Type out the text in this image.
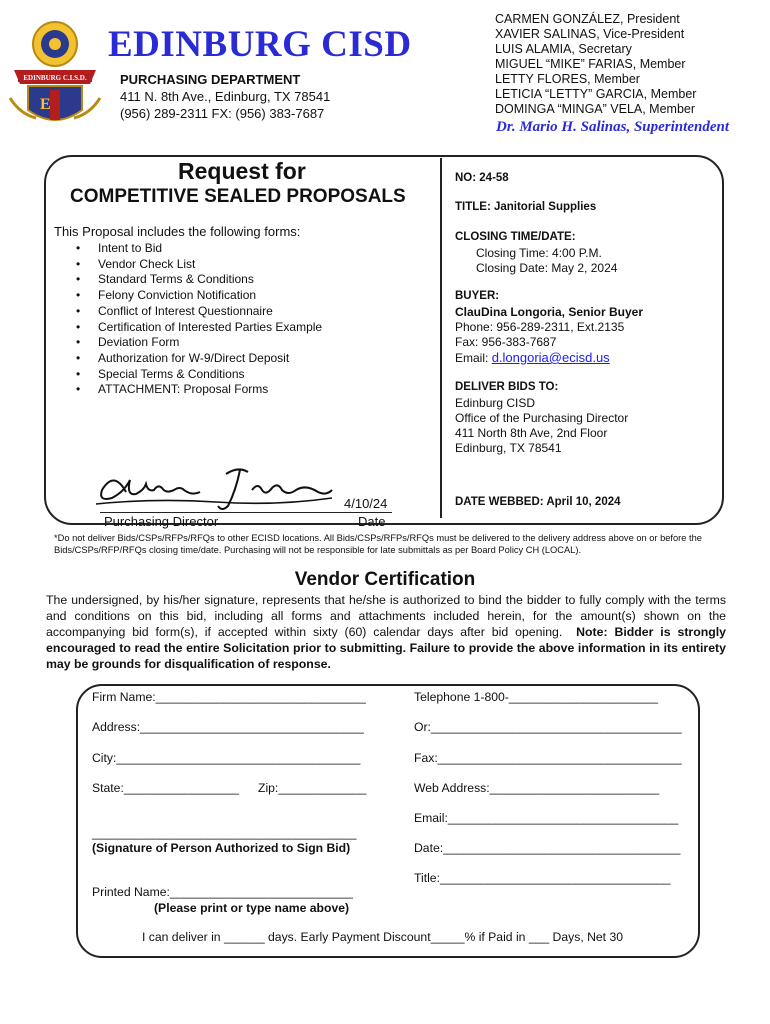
EDINBURG C.I.S.D.
E
EDINBURG CISD
PURCHASING DEPARTMENT
411 N. 8th Ave., Edinburg, TX 78541
(956) 289-2311 FX: (956) 383-7687
CARMEN GONZÁLEZ, President
XAVIER SALINAS, Vice-President
LUIS ALAMIA, Secretary
MIGUEL “MIKE” FARIAS, Member
LETTY FLORES, Member
LETICIA “LETTY” GARCIA, Member
DOMINGA “MINGA” VELA, Member
Dr. Mario H. Salinas, Superintendent
Request for
COMPETITIVE SEALED PROPOSALS
This Proposal includes the following forms:
• Intent to Bid
• Vendor Check List
• Standard Terms & Conditions
• Felony Conviction Notification
• Conflict of Interest Questionnaire
• Certification of Interested Parties Example
• Deviation Form
• Authorization for W-9/Direct Deposit
• Special Terms & Conditions
• ATTACHMENT: Proposal Forms
NO: 24-58
TITLE: Janitorial Supplies
CLOSING TIME/DATE:
Closing Time: 4:00 P.M.
Closing Date: May 2, 2024
BUYER:
ClauDina Longoria, Senior Buyer
Phone: 956-289-2311, Ext.2135
Fax: 956-383-7687
Email: d.longoria@ecisd.us
DELIVER BIDS TO:
Edinburg CISD
Office of the Purchasing Director
411 North 8th Ave, 2nd Floor
Edinburg, TX 78541
DATE WEBBED: April 10, 2024
4/10/24
Purchasing Director	Date
*Do not deliver Bids/CSPs/RFPs/RFQs to other ECISD locations. All Bids/CSPs/RFPs/RFQs must be delivered to the delivery address above on or before the Bids/CSPs/RFP/RFQs closing time/date. Purchasing will not be responsible for late submittals as per Board Policy CH (LOCAL).
Vendor Certification
The undersigned, by his/her signature, represents that he/she is authorized to bind the bidder to fully comply with the terms and conditions on this bid, including all forms and attachments included herein, for the amount(s) shown on the accompanying bid form(s), if accepted within sixty (60) calendar days after bid opening. Note: Bidder is strongly encouraged to read the entire Solicitation prior to submitting. Failure to provide the above information in its entirety may be grounds for disqualification of response.
Firm Name:_______________________________	Telephone 1-800-______________________
Address:_________________________________	Or:_____________________________________
City:____________________________________	Fax:____________________________________
State:_________________ Zip:_____________	Web Address:_________________________
Email:__________________________________
_______________________________________
(Signature of Person Authorized to Sign Bid)	Date:___________________________________
Title:__________________________________
Printed Name:___________________________
(Please print or type name above)
I can deliver in ______ days. Early Payment Discount_____% if Paid in ___ Days, Net 30
